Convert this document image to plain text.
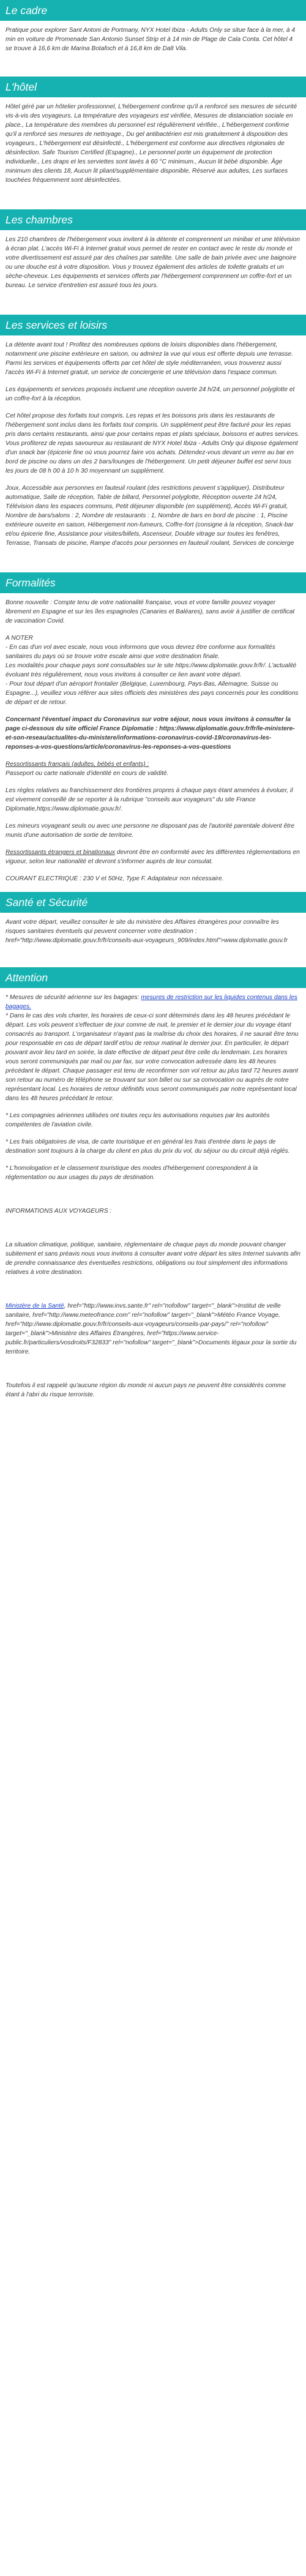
Le cadre

Pratique pour explorer Sant Antoni de Portmany, NYX Hotel Ibiza - Adults Only se situe face à la mer, à 4 min en voiture de Promenade San Antonio Sunset Strip et à 14 min de Plage de Cala Conta. Cet hôtel 4 se trouve à 16,6 km de Marina Botafoch et à 16,8 km de Dalt Vila.

L'hôtel

Hôtel géré par un hôtelier professionnel, L'hébergement confirme qu'il a renforcé ses mesures de sécurité vis-à-vis des voyageurs. La température des voyageurs est vérifiée, Mesures de distanciation sociale en place., La température des membres du personnel est régulièrement vérifiée., L'hébergement confirme qu'il a renforcé ses mesures de nettoyage., Du gel antibactérien est mis gratuitement à disposition des voyageurs., L'hébergement est désinfecté., L'hébergement est conforme aux directives régionales de désinfection. Safe Tourism Certified (Espagne)., Le personnel porte un équipement de protection individuelle., Les draps et les serviettes sont lavés à 60 °C minimum., Aucun lit bébé disponible. Âge minimum des clients 18, Aucun lit pliant/supplémentaire disponible, Réservé aux adultes, Les surfaces touchées fréquemment sont désinfectées.

Les chambres

Les 210 chambres de l'hébergement vous invitent à la détente et comprennent un minibar et une télévision à écran plat. L'accès Wi-Fi à Internet gratuit vous permet de rester en contact avec le reste du monde et votre divertissement est assuré par des chaînes par satellite. Une salle de bain privée avec une baignoire ou une douche est à votre disposition. Vous y trouvez également des articles de toilette gratuits et un sèche-cheveux. Les équipements et services offerts par l'hébergement comprennent un coffre-fort et un bureau. Le service d'entretien est assuré tous les jours.

Les services et loisirs

La détente avant tout ! Profitez des nombreuses options de loisirs disponibles dans l'hébergement, notamment une piscine extérieure en saison, ou admirez la vue qui vous est offerte depuis une terrasse. Parmi les services et équipements offerts par cet hôtel de style méditerranéen, vous trouverez aussi l'accès Wi-Fi à Internet gratuit, un service de conciergerie et une télévision dans l'espace commun.

Les équipements et services proposés incluent une réception ouverte 24 h/24, un personnel polyglotte et un coffre-fort à la réception.

Cet hôtel propose des forfaits tout compris. Les repas et les boissons pris dans les restaurants de l'hébergement sont inclus dans les forfaits tout compris. Un supplément peut être facturé pour les repas pris dans certains restaurants, ainsi que pour certains repas et plats spéciaux, boissons et autres services. Vous profiterez de repas savoureux au restaurant de NYX Hotel Ibiza - Adults Only qui dispose également d'un snack bar (épicerie fine où vous pourrez faire vos achats. Détendez-vous devant un verre au bar en bord de piscine ou dans un des 2 bars/lounges de l'hébergement. Un petit déjeuner buffet est servi tous les jours de 08 h 00 à 10 h 30 moyennant un supplément.

Joux, Accessible aux personnes en fauteuil roulant (des restrictions peuvent s'appliquer), Distributeur automatique, Salle de réception, Table de billard, Personnel polyglotte, Réception ouverte 24 h/24, Télévision dans les espaces communs, Petit déjeuner disponible (en supplément), Accès Wi-Fi gratuit, Nombre de bars/salons : 2, Nombre de restaurants : 1, Nombre de bars en bord de piscine : 1, Piscine extérieure ouverte en saison, Hébergement non-fumeurs, Coffre-fort (consigne à la réception, Snack-bar et/ou épicerie fine, Assistance pour visites/billets, Ascenseur, Double vitrage sur toutes les fenêtres, Terrasse, Transats de piscine, Rampe d'accès pour personnes en fauteuil roulant, Services de concierge

Formalités

Bonne nouvelle : Compte tenu de votre nationalité française, vous et votre famille pouvez voyager librement en Espagne et sur les îles espagnoles (Canaries et Baléares), sans avoir à justifier de certificat de vaccination Covid.

A NOTER

- En cas d'un vol avec escale, nous vous informons que vous devrez être conforme aux formalités sanitaires du pays où se trouve votre escale ainsi que votre destination finale.

Les modalités pour chaque pays sont consultables sur le site https://www.diplomatie.gouv.fr/fr/. L'actualité évoluant très régulièrement, nous vous invitons à consulter ce lien avant votre départ.

- Pour tout départ d'un aéroport frontalier (Belgique, Luxembourg, Pays-Bas, Allemagne, Suisse ou Espagne...), veuillez vous référer aux sites officiels des ministères des pays concernés pour les conditions de départ et de retour.

Concernant l'éventuel impact du Coronavirus sur votre séjour, nous vous invitons à consulter la page ci-dessous du site officiel France Diplomatie : https://www.diplomatie.gouv.fr/fr/le-ministere-et-son-reseau/actualites-du-ministere/informations-coronavirus-covid-19/coronavirus-les-reponses-a-vos-questions/article/coronavirus-les-reponses-a-vos-questions

Ressortissants français (adultes, bébés et enfants) :

Passeport ou carte nationale d'identité en cours de validité.

Les règles relatives au franchissement des frontières propres à chaque pays étant amenées à évoluer, il est vivement conseillé de se reporter à la rubrique "conseils aux voyageurs" du site France Diplomatie,https://www.diplomatie.gouv.fr/.

Les mineurs voyageant seuls ou avec une personne ne disposant pas de l'autorité parentale doivent être munis d'une autorisation de sortie de territoire.

Ressortissants étrangers et binationaux devront être en conformité avec les différentes réglementations en vigueur, selon leur nationalité et devront s'informer auprès de leur consulat.

COURANT ELECTRIQUE : 230 V et 50Hz, Type F. Adaptateur non nécessaire.

Santé et Sécurité

Avant votre départ, veuillez consulter le site du ministère des Affaires étrangères pour connaître les risques sanitaires éventuels qui peuvent concerner votre destination : href="http://www.diplomatie.gouv.fr/fr/conseils-aux-voyageurs_909/index.html">www.diplomatie.gouv.fr

Attention

* Mesures de sécurité aérienne sur les bagages: mesures de restriction sur les liquides contenus dans les bagages.

* Dans le cas des vols charter, les horaires de ceux-ci sont déterminés dans les 48 heures précédant le départ. Les vols peuvent s'effectuer de jour comme de nuit, le premier et le dernier jour du voyage étant consacrés au transport. L'organisateur n'ayant pas la maîtrise du choix des horaires, il ne saurait être tenu pour responsable en cas de départ tardif et/ou de retour matinal le dernier jour. En particulier, le départ pouvant avoir lieu tard en soirée, la date effective de départ peut être celle du lendemain. Les horaires vous seront communiqués par mail ou par fax, sur votre convocation adressée dans les 48 heures précédant le départ. Chaque passager est tenu de reconfirmer son vol retour au plus tard 72 heures avant son retour au numéro de téléphone se trouvant sur son billet ou sur sa convocation ou auprès de notre représentant local. Les horaires de retour définitifs vous seront communiqués par notre représentant local dans les 48 heures précédant le retour.

* Les compagnies aériennes utilisées ont toutes reçu les autorisations requises par les autorités compétentes de l'aviation civile.

* Les frais obligatoires de visa, de carte touristique et en général les frais d'entrée dans le pays de destination sont toujours à la charge du client en plus du prix du vol, du séjour ou du circuit déjà réglés.

* L'homologation et le classement touristique des modes d'hébergement correspondent à la réglementation ou aux usages du pays de destination.

INFORMATIONS AUX VOYAGEURS :

La situation climatique, politique, sanitaire, réglementaire de chaque pays du monde pouvant changer subitement et sans préavis nous vous invitons à consulter avant votre départ les sites Internet suivants afin de prendre connaissance des éventuelles restrictions, obligations ou tout simplement des informations relatives à votre destination.

Ministère de la Santé, href="http://www.invs.sante.fr" rel="nofollow" target="_blank">Institut de veille sanitaire, href="http://www.meteofrance.com" rel="nofollow" target="_blank">Météo France Voyage, href="http://www.diplomatie.gouv.fr/fr/conseils-aux-voyageurs/conseils-par-pays/" rel="nofollow" target="_blank">Ministère des Affaires Étrangères, href="https://www.service-public.fr/particuliers/vosdroits/F32833" rel="nofollow" target="_blank">Documents légaux pour la sortie du territoire.

Toutefois il est rappelé qu'aucune région du monde ni aucun pays ne peuvent être considérés comme étant à l'abri du risque terroriste.
